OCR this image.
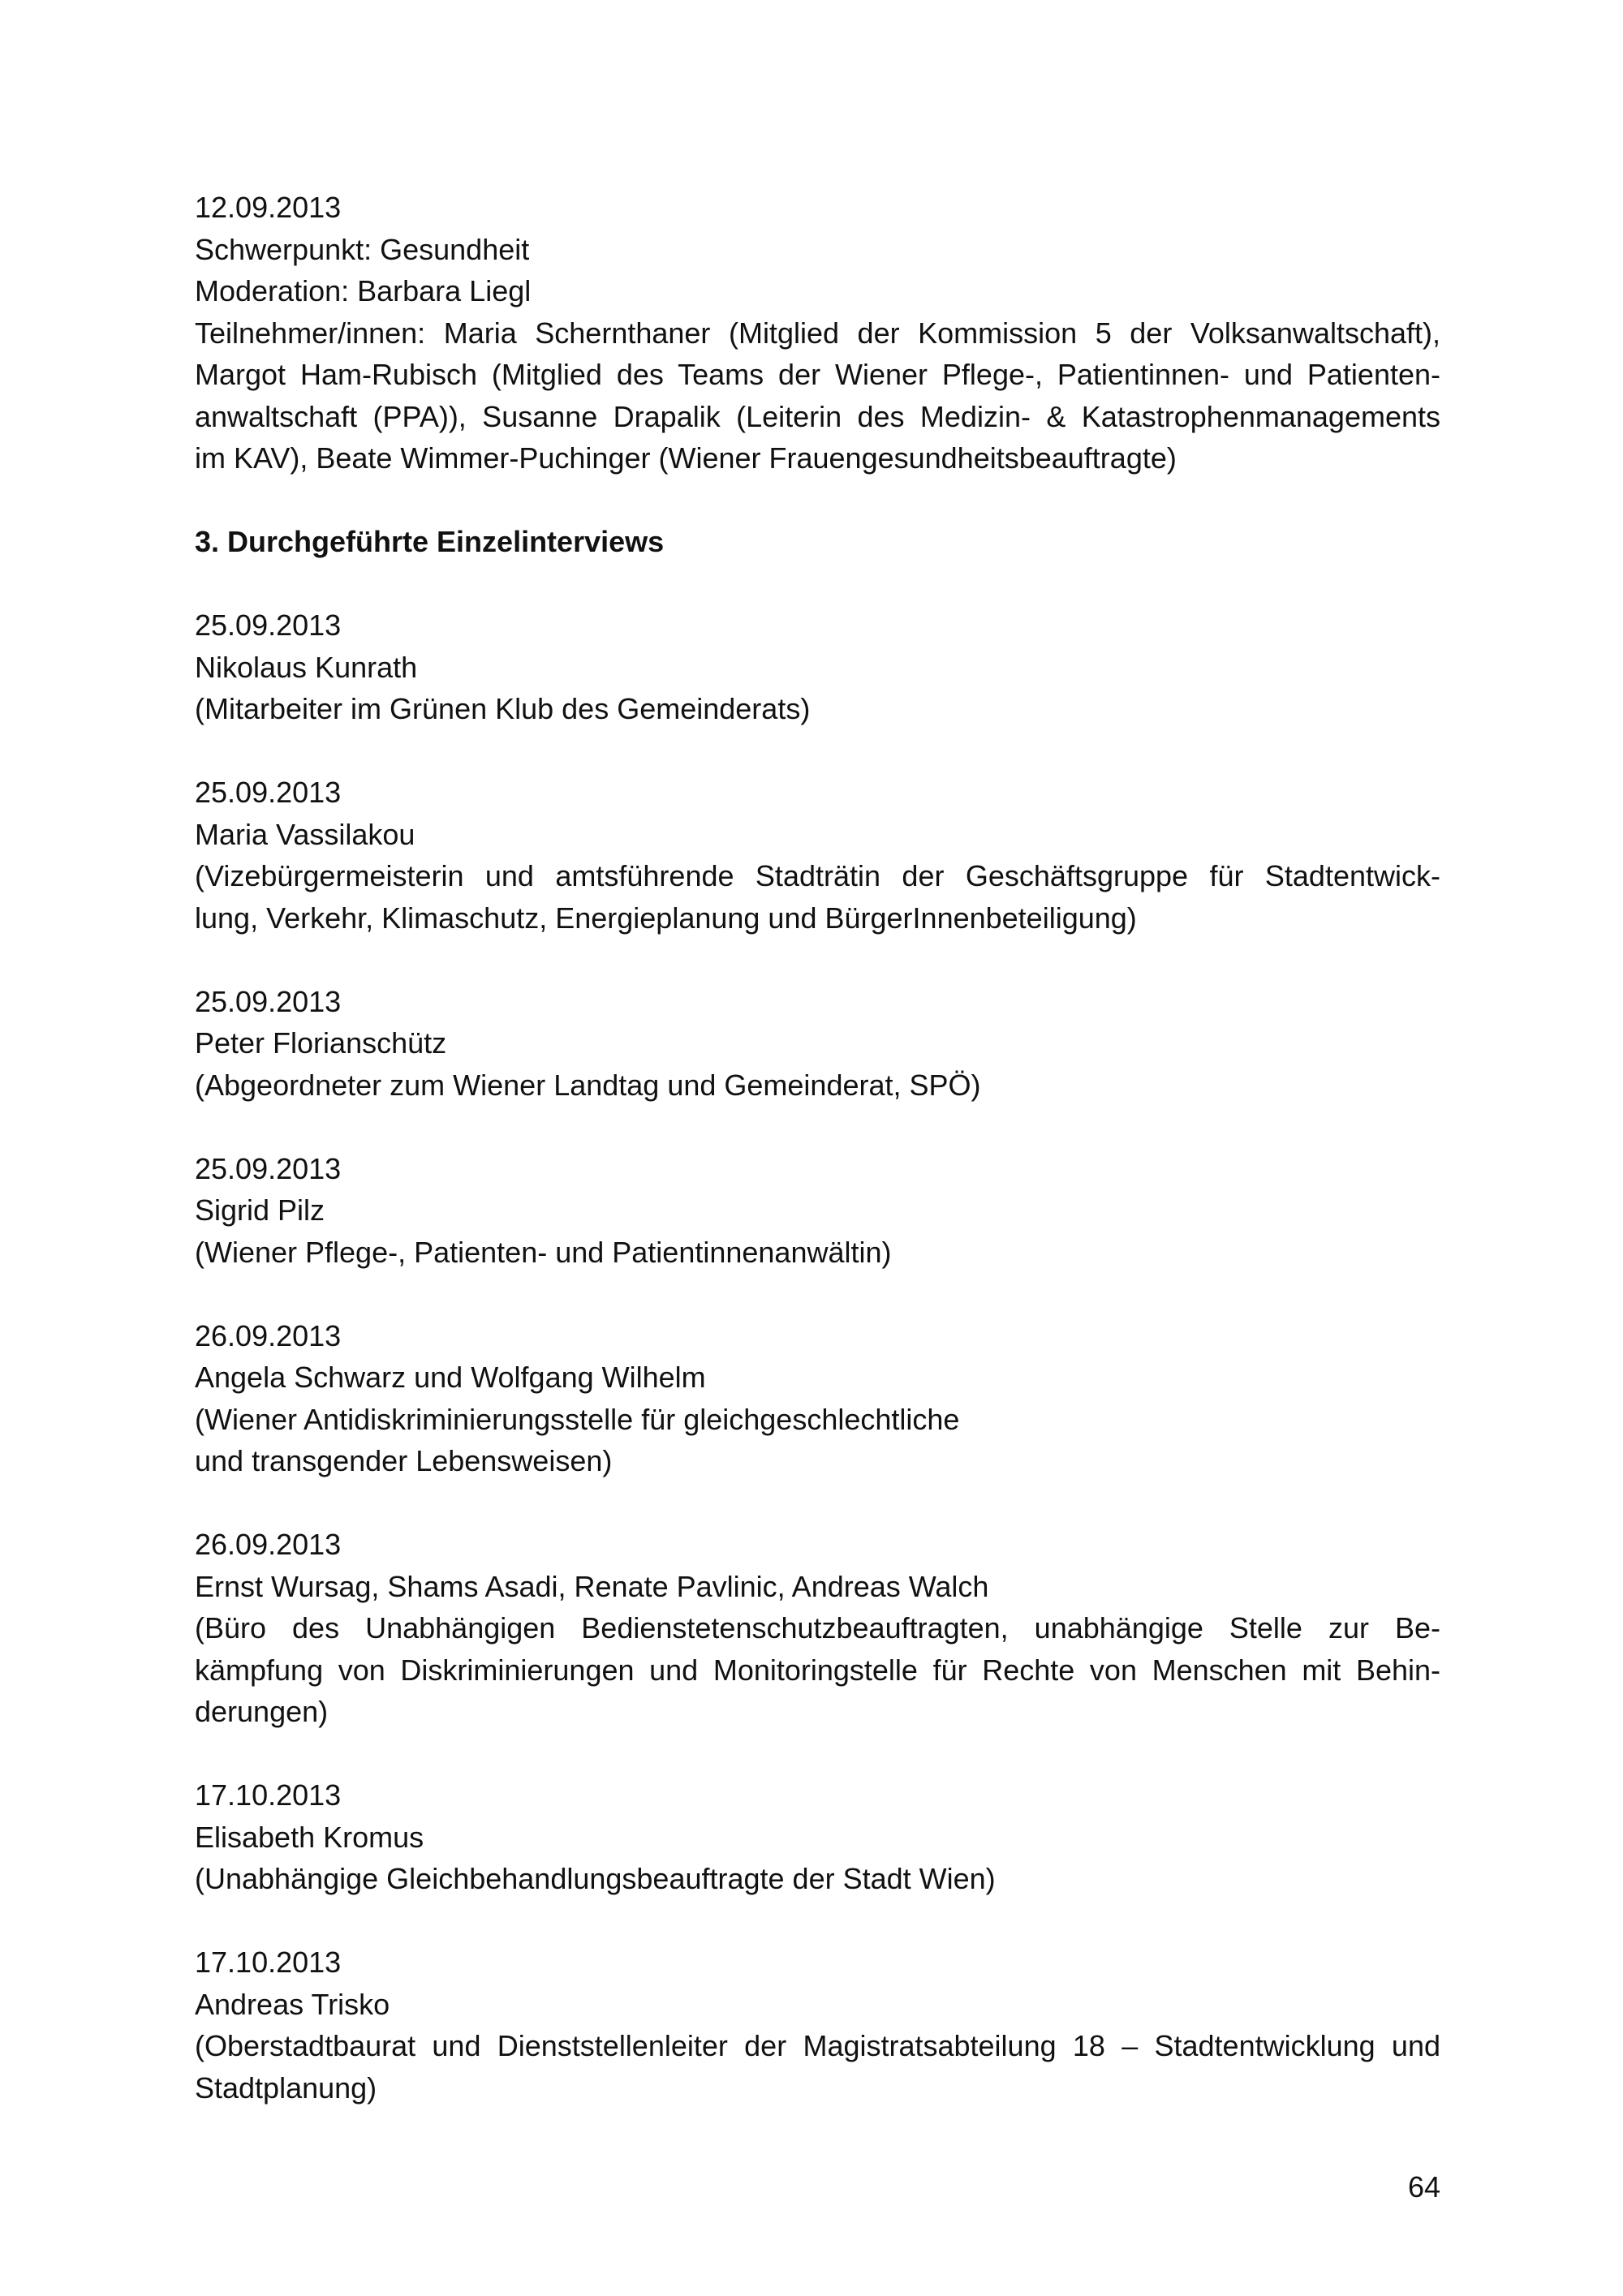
12.09.2013

Schwerpunkt: Gesundheit

Moderation: Barbara Liegl

Teilnehmer/innen: Maria Schernthaner (Mitglied der Kommission 5 der Volksanwaltschaft),

Margot Ham-Rubisch (Mitglied des Teams der Wiener Pflege-, Patientinnen- und Patienten-

anwaltschaft (PPA)), Susanne Drapalik (Leiterin des Medizin- & Katastrophenmanagements

im KAV), Beate Wimmer-Puchinger (Wiener Frauengesundheitsbeauftragte)

3. Durchgeführte Einzelinterviews

25.09.2013

Nikolaus Kunrath

(Mitarbeiter im Grünen Klub des Gemeinderats)

25.09.2013

Maria Vassilakou

(Vizebürgermeisterin und amtsführende Stadträtin der Geschäftsgruppe für Stadtentwick-

lung, Verkehr, Klimaschutz, Energieplanung und BürgerInnenbeteiligung)

25.09.2013

Peter Florianschütz

(Abgeordneter zum Wiener Landtag und Gemeinderat, SPÖ)

25.09.2013

Sigrid Pilz

(Wiener Pflege-, Patienten- und Patientinnenanwältin)

26.09.2013

Angela Schwarz und Wolfgang Wilhelm

(Wiener Antidiskriminierungsstelle für gleichgeschlechtliche

und transgender Lebensweisen)

26.09.2013

Ernst Wursag, Shams Asadi, Renate Pavlinic, Andreas Walch

(Büro des Unabhängigen Bedienstetenschutzbeauftragten, unabhängige Stelle zur Be-

kämpfung von Diskriminierungen und Monitoringstelle für Rechte von Menschen mit Behin-

derungen)

17.10.2013

Elisabeth Kromus

(Unabhängige Gleichbehandlungsbeauftragte der Stadt Wien)

17.10.2013

Andreas Trisko

(Oberstadtbaurat und Dienststellenleiter der Magistratsabteilung 18 – Stadtentwicklung und

Stadtplanung)

64
